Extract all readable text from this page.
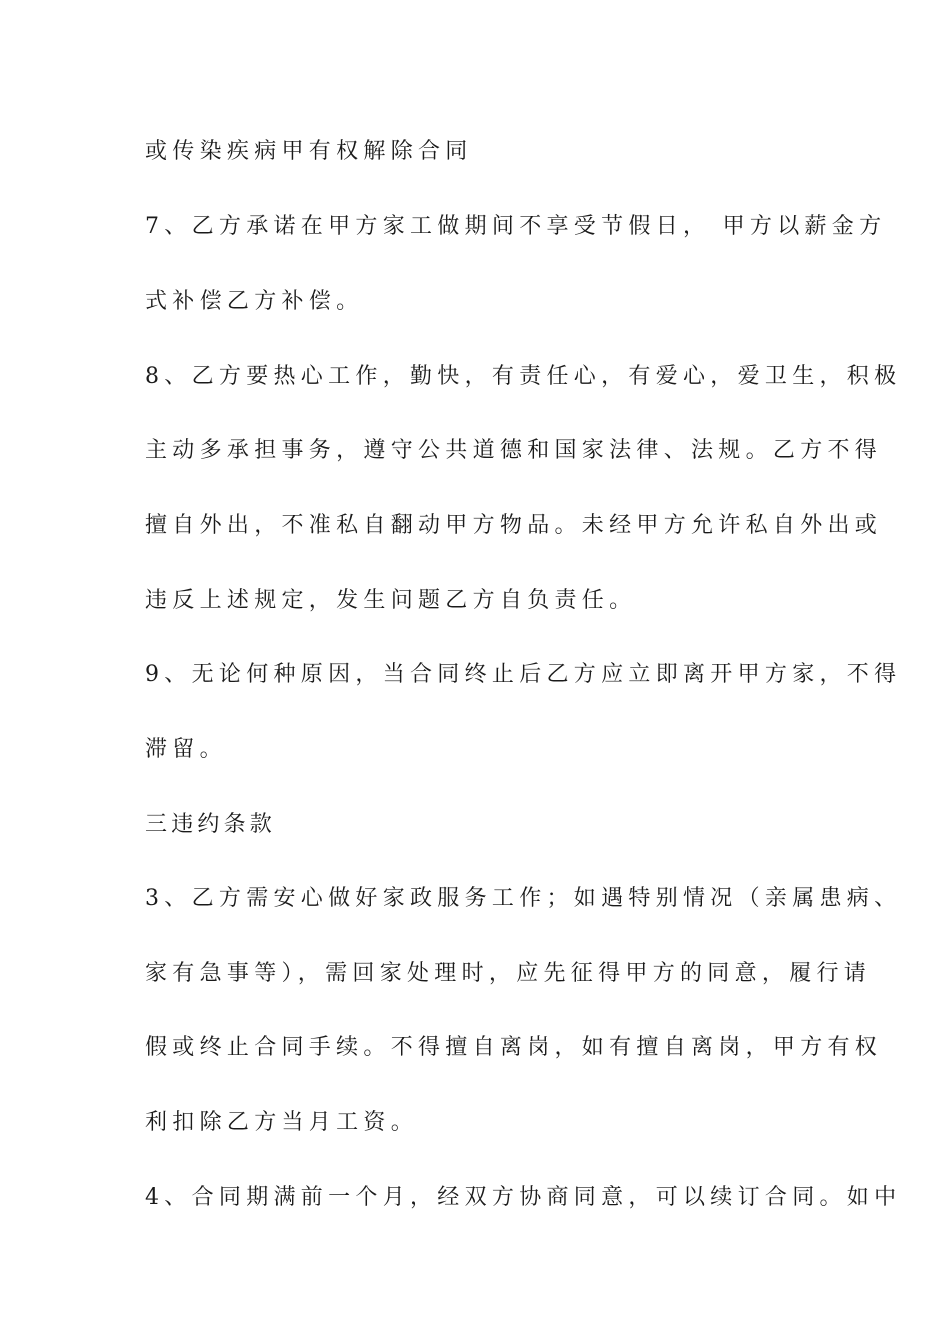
或传染疾病甲有权解除合同

7、乙方承诺在甲方家工做期间不享受节假日， 甲方以薪金方

式补偿乙方补偿。

8、乙方要热心工作，勤快，有责任心，有爱心，爱卫生，积极

主动多承担事务，遵守公共道德和国家法律、法规。乙方不得

擅自外出，不准私自翻动甲方物品。未经甲方允许私自外出或

违反上述规定，发生问题乙方自负责任。

9、无论何种原因，当合同终止后乙方应立即离开甲方家，不得

滞留。

三违约条款

3、乙方需安心做好家政服务工作；如遇特别情况（亲属患病、

家有急事等），需回家处理时，应先征得甲方的同意，履行请

假或终止合同手续。不得擅自离岗，如有擅自离岗，甲方有权

利扣除乙方当月工资。

4、合同期满前一个月，经双方协商同意，可以续订合同。如中
